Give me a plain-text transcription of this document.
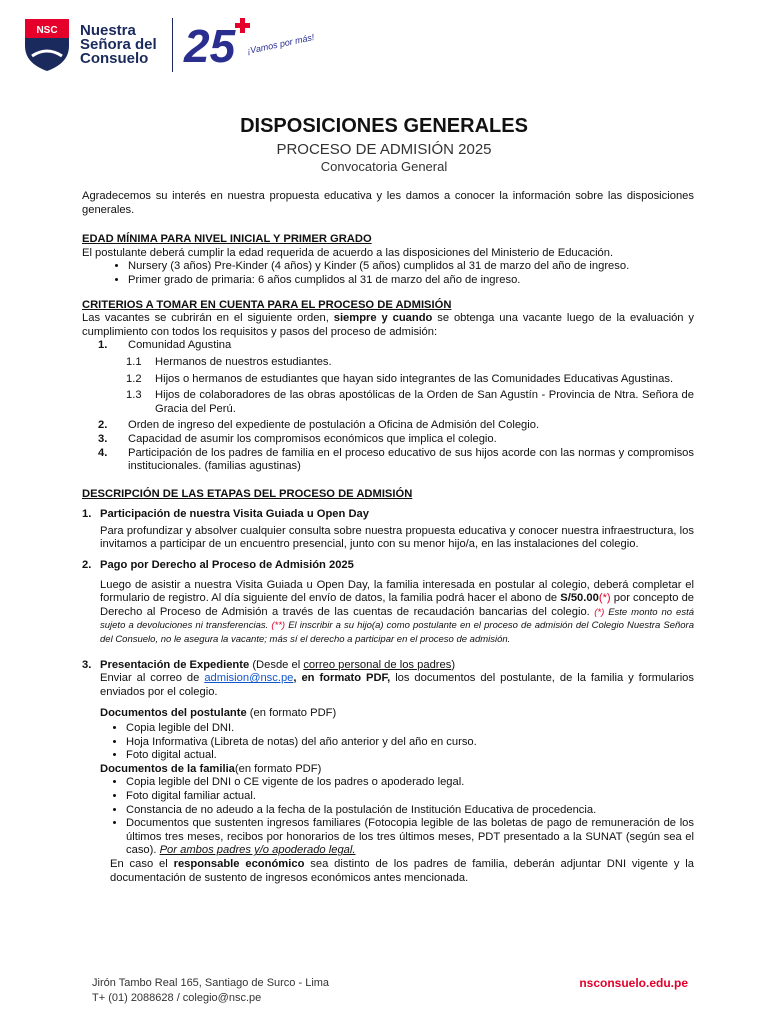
NSC Nuestra
Señora del
Consuelo 25 ¡Vamos por más!
DISPOSICIONES GENERALES
PROCESO DE ADMISIÓN 2025
Convocatoria General

Agradecemos su interés en nuestra propuesta educativa y les damos a conocer la información sobre las disposiciones generales.

EDAD MÍNIMA PARA NIVEL INICIAL Y PRIMER GRADO

El postulante deberá cumplir la edad requerida de acuerdo a las disposiciones del Ministerio de Educación.

• Nursery (3 años) Pre-Kinder (4 años) y Kinder (5 años) cumplidos al 31 de marzo del año de ingreso.
• Primer grado de primaria: 6 años cumplidos al 31 de marzo del año de ingreso.
CRITERIOS A TOMAR EN CUENTA PARA EL PROCESO DE ADMISIÓN

Las vacantes se cubrirán en el siguiente orden, siempre y cuando se obtenga una vacante luego de la evaluación y cumplimiento con todos los requisitos y pasos del proceso de admisión:

1.	Comunidad Agustina
1.1	Hermanos de nuestros estudiantes.
1.2	Hijos o hermanos de estudiantes que hayan sido integrantes de las Comunidades Educativas Agustinas.
1.3	Hijos de colaboradores de las obras apostólicas de la Orden de San Agustín - Provincia de Ntra. Señora de Gracia del Perú.
2.	Orden de ingreso del expediente de postulación a Oficina de Admisión del Colegio.
3.	Capacidad de asumir los compromisos económicos que implica el colegio.
4.	Participación de los padres de familia en el proceso educativo de sus hijos acorde con las normas y compromisos institucionales. (familias agustinas)
DESCRIPCIÓN DE LAS ETAPAS DEL PROCESO DE ADMISIÓN
1. Participación de nuestra Visita Guiada u Open Day

Para profundizar y absolver cualquier consulta sobre nuestra propuesta educativa y conocer nuestra infraestructura, los invitamos a participar de un encuentro presencial, junto con su menor hijo/a, en las instalaciones del colegio.

2. Pago por Derecho al Proceso de Admisión 2025

Luego de asistir a nuestra Visita Guiada u Open Day, la familia interesada en postular al colegio, deberá completar el formulario de registro. Al día siguiente del envío de datos, la familia podrá hacer el abono de S/50.00(*) por concepto de Derecho al Proceso de Admisión a través de las cuentas de recaudación bancarias del colegio. (*) Este monto no está sujeto a devoluciones ni transferencias. (**) El inscribir a su hijo(a) como postulante en el proceso de admisión del Colegio Nuestra Señora del Consuelo, no le asegura la vacante; más sí el derecho a participar en el proceso de admisión.

3. Presentación de Expediente (Desde el correo personal de los padres)

Enviar al correo de admision@nsc.pe, en formato PDF, los documentos del postulante, de la familia y formularios enviados por el colegio.

Documentos del postulante (en formato PDF)
• Copia legible del DNI.
• Hoja Informativa (Libreta de notas) del año anterior y del año en curso.
• Foto digital actual.
Documentos de la familia(en formato PDF)
• Copia legible del DNI o CE vigente de los padres o apoderado legal.
• Foto digital familiar actual.
• Constancia de no adeudo a la fecha de la postulación de Institución Educativa de procedencia.
• Documentos que sustenten ingresos familiares (Fotocopia legible de las boletas de pago de remuneración de los últimos tres meses, recibos por honorarios de los tres últimos meses, PDT presentado a la SUNAT (según sea el caso). Por ambos padres y/o apoderado legal.

En caso el responsable económico sea distinto de los padres de familia, deberán adjuntar DNI vigente y la documentación de sustento de ingresos económicos antes mencionada.

Jirón Tambo Real 165, Santiago de Surco - Lima
T+ (01) 2088628 / colegio@nsc.pe
nsconsuelo.edu.pe
